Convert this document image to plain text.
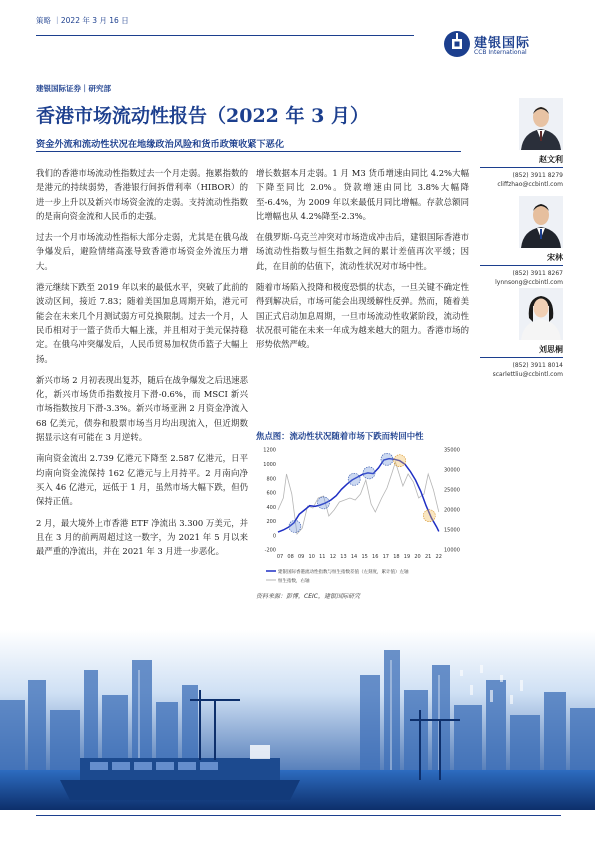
策略 ｜2022 年 3 月 16 日
建银国际
CCB International
建银国际证券｜研究部
香港市场流动性报告（2022 年 3 月）
资金外流和流动性状况在地缘政治风险和货币政策收紧下恶化

我们的香港市场流动性指数过去一个月走弱。拖累指数的是港元的持续弱势，香港银行间拆借利率（HIBOR）的进一步上升以及新兴市场资金流的走弱。支持流动性指数的是南向资金流和人民币的走强。

过去一个月市场流动性指标大部分走弱，尤其是在俄乌战争爆发后，避险情绪高涨导致香港市场资金外流压力增大。

港元继续下跌至 2019 年以来的最低水平，突破了此前的波动区间，接近 7.83；随着美国加息周期开始，港元可能会在未来几个月测试弱方可兑换限制。过去一个月，人民币相对于一篮子货币大幅上涨，并且相对于美元保持稳定。在俄乌冲突爆发后，人民币贸易加权货币篮子大幅上扬。

新兴市场 2 月初表现出复苏，随后在战争爆发之后迅速恶化，新兴市场货币指数按月下滑-0.6%，而 MSCI 新兴市场指数按月下滑-3.3%。新兴市场亚洲 2 月资金净流入 68 亿美元，债券和股票市场当月均出现流入，但近期数据显示这有可能在 3 月逆转。

南向资金流出 2.739 亿港元下降至 2.587 亿港元，日平均南向资金流保持 162 亿港元与上月持平。2 月南向净买入 46 亿港元，远低于 1 月，虽然市场大幅下跌，但仍保持正值。

2 月，最大境外上市香港 ETF 净流出 3.300 万美元，并且在 3 月的前两周超过这一数字，为 2021 年 5 月以来最严重的净流出，并在 2021 年 3 月进一步恶化。

增长数据本月走弱。1 月 M3 货币增速由同比 4.2%大幅下降至同比 2.0%。贷款增速由同比 3.8%大幅降至-6.4%，为 2009 年以来最低月同比增幅。存款总额同比增幅也从 4.2%降至-2.3%。

在俄罗斯-乌克兰冲突对市场造成冲击后，建银国际香港市场流动性指数与恒生指数之间的累计差值再次平缓；因此，在目前的估值下，流动性状况对市场中性。

随着市场陷入投降和极度恐惧的状态，一旦关键不确定性得到解决后，市场可能会出现缓解性反弹。然而，随着美国正式启动加息周期，一旦市场流动性收紧阶段，流动性状况很可能在未来一年成为越来越大的阻力。香港市场的形势依然严峻。

赵文利
(852) 3911 8279
cliffzhao@ccbintl.com
宋林
(852) 3911 8267
lynnsong@ccbintl.com
刘思桐
(852) 3911 8014
scarlettliu@ccbintl.com
焦点图：流动性状况随着市场下跌而转回中性
1200
1000
800
600
400
200
0
-200
35000
30000
25000
20000
15000
10000
07 08 09 10 11 12 13 14 15 16 17 18 19 20 21 22
建银国际香港流动性指数与恒生指数差值（左刻度，累计值）左轴
恒生指数，右轴
资料来源：彭博，CEIC，建银国际研究
